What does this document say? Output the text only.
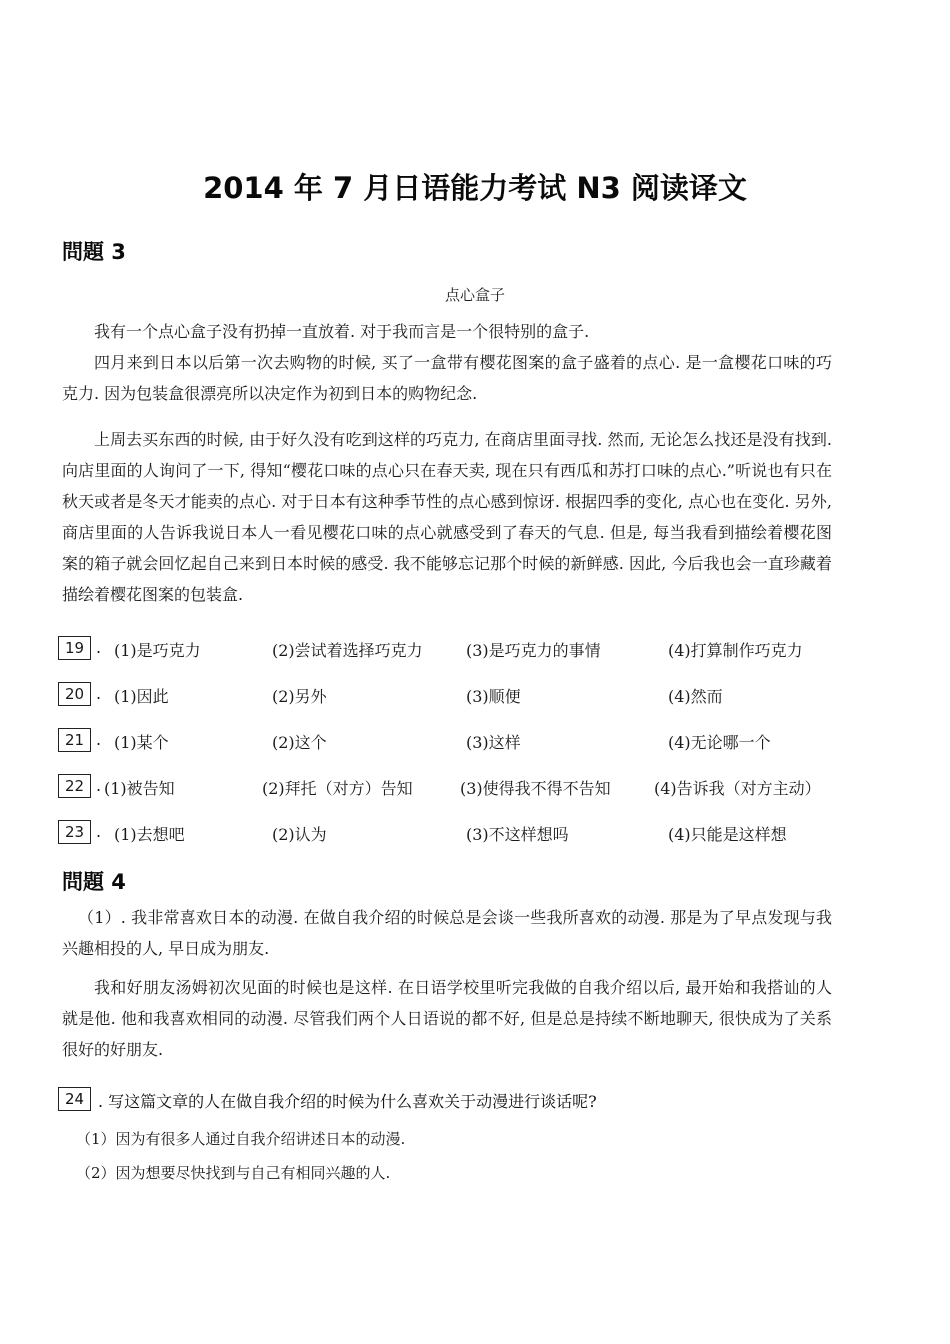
2014 年 7 月日语能力考试 N3 阅读译文
問題 3
点心盒子
我有一个点心盒子没有扔掉一直放着. 对于我而言是一个很特别的盒子.
四月来到日本以后第一次去购物的时候, 买了一盒带有樱花图案的盒子盛着的点心. 是一盒樱花口味的巧克力. 因为包装盒很漂亮所以决定作为初到日本的购物纪念.
上周去买东西的时候, 由于好久没有吃到这样的巧克力, 在商店里面寻找. 然而, 无论怎么找还是没有找到. 向店里面的人询问了一下, 得知“樱花口味的点心只在春天卖, 现在只有西瓜和苏打口味的点心.”听说也有只在秋天或者是冬天才能卖的点心. 对于日本有这种季节性的点心感到惊讶. 根据四季的变化, 点心也在变化. 另外, 商店里面的人告诉我说日本人一看见樱花口味的点心就感受到了春天的气息. 但是, 每当我看到描绘着樱花图案的箱子就会回忆起自己来到日本时候的感受. 我不能够忘记那个时候的新鲜感. 因此, 今后我也会一直珍藏着描绘着樱花图案的包装盒.
19 . (1)是巧克力	(2)尝试着选择巧克力	(3)是巧克力的事情	(4)打算制作巧克力
20 . (1)因此	(2)另外	(3)顺便	(4)然而
21 . (1)某个	(2)这个	(3)这样	(4)无论哪一个
22 . (1)被告知	(2)拜托（对方）告知	(3)使得我不得不告知	(4)告诉我（对方主动）
23 . (1)去想吧	(2)认为	(3)不这样想吗	(4)只能是这样想
問題 4
（1）. 我非常喜欢日本的动漫. 在做自我介绍的时候总是会谈一些我所喜欢的动漫. 那是为了早点发现与我兴趣相投的人, 早日成为朋友.
我和好朋友汤姆初次见面的时候也是这样. 在日语学校里听完我做的自我介绍以后, 最开始和我搭讪的人就是他. 他和我喜欢相同的动漫. 尽管我们两个人日语说的都不好, 但是总是持续不断地聊天, 很快成为了关系很好的好朋友.
24 . 写这篇文章的人在做自我介绍的时候为什么喜欢关于动漫进行谈话呢?
（1）因为有很多人通过自我介绍讲述日本的动漫.
（2）因为想要尽快找到与自己有相同兴趣的人.
